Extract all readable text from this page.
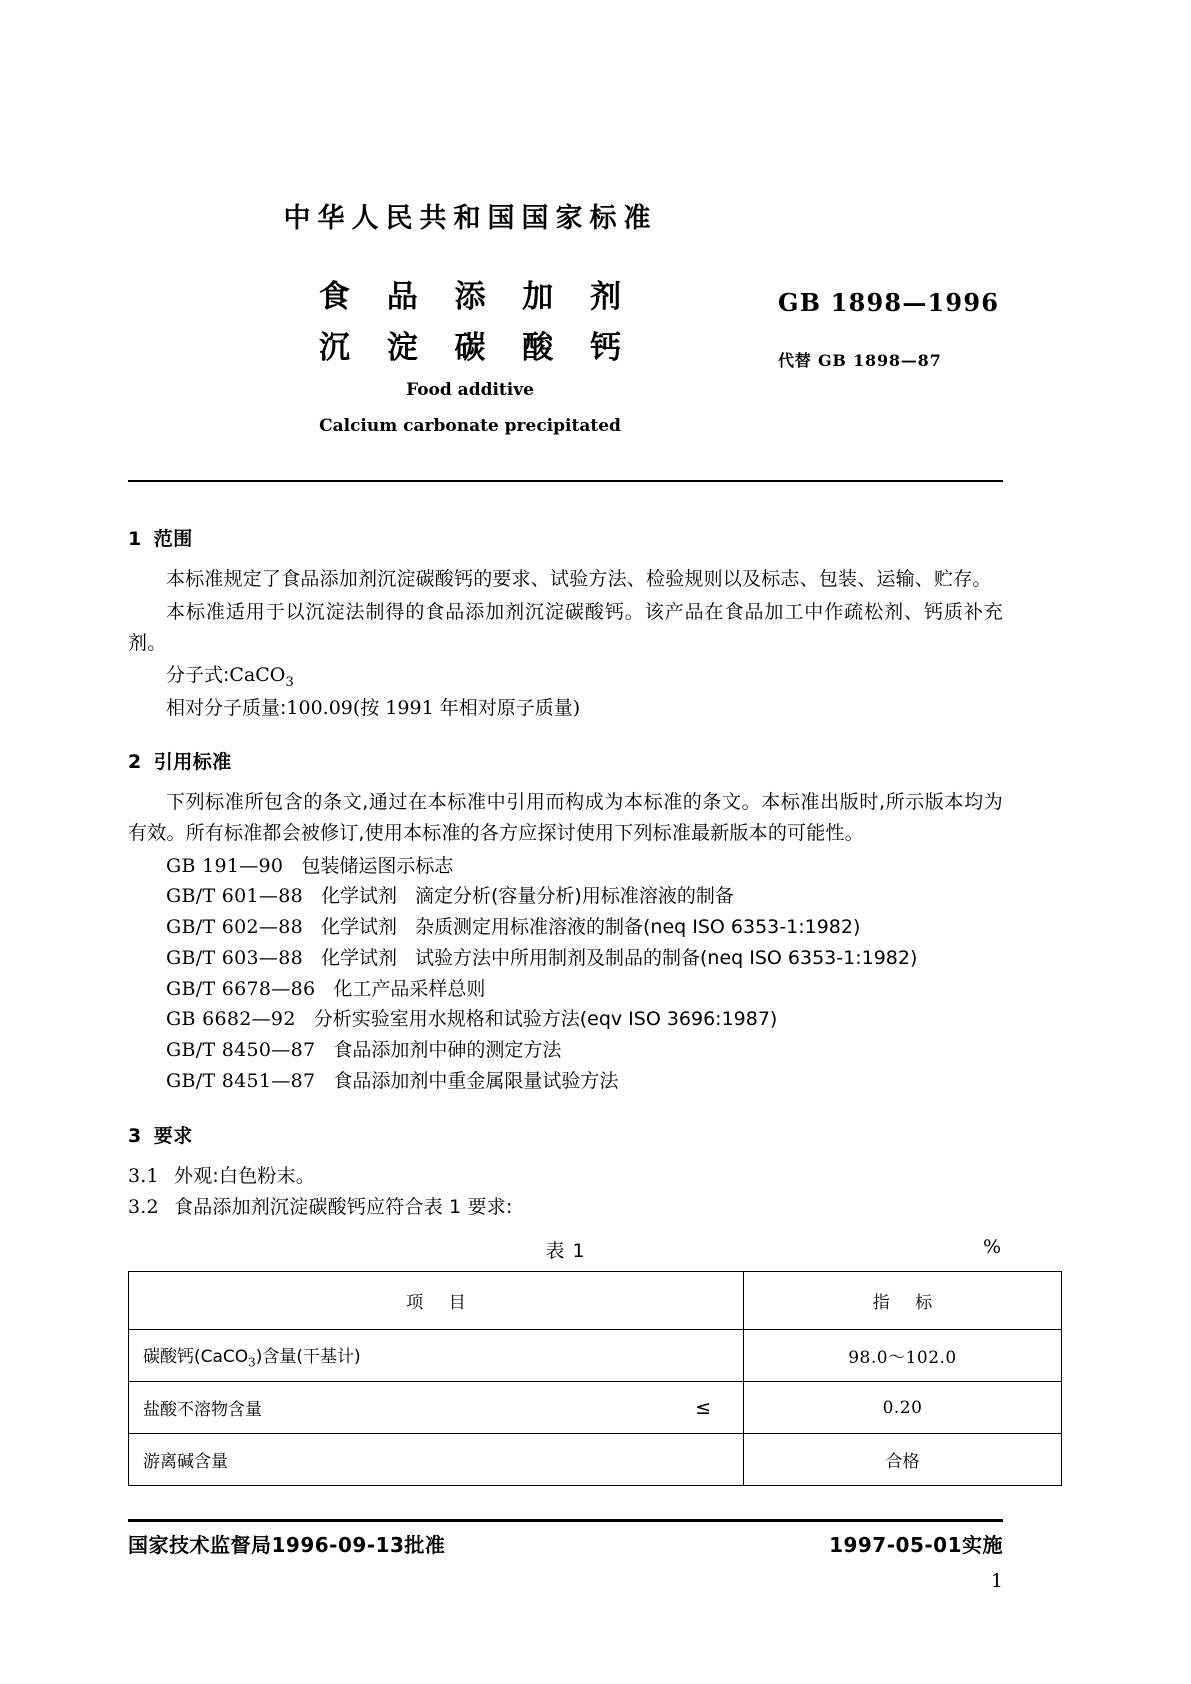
中华人民共和国国家标准
食 品 添 加 剂
沉 淀 碳 酸 钙
Food additive
Calcium carbonate precipitated
GB 1898—1996
代替 GB 1898—87
1 范围

本标准规定了食品添加剂沉淀碳酸钙的要求、试验方法、检验规则以及标志、包装、运输、贮存。

本标准适用于以沉淀法制得的食品添加剂沉淀碳酸钙。该产品在食品加工中作疏松剂、钙质补充剂。

分子式:CaCO$_3$

相对分子质量:100.09(按 1991 年相对原子质量)

2 引用标准

下列标准所包含的条文,通过在本标准中引用而构成为本标准的条文。本标准出版时,所示版本均为有效。所有标准都会被修订,使用本标准的各方应探讨使用下列标准最新版本的可能性。

GB 191—90 包装储运图示标志

GB/T 601—88 化学试剂 滴定分析(容量分析)用标准溶液的制备

GB/T 602—88 化学试剂 杂质测定用标准溶液的制备(neq ISO 6353-1:1982)

GB/T 603—88 化学试剂 试验方法中所用制剂及制品的制备(neq ISO 6353-1:1982)

GB/T 6678—86 化工产品采样总则

GB 6682—92 分析实验室用水规格和试验方法(eqv ISO 3696:1987)

GB/T 8450—87 食品添加剂中砷的测定方法

GB/T 8451—87 食品添加剂中重金属限量试验方法

3 要求

3.1 外观:白色粉末。

3.2 食品添加剂沉淀碳酸钙应符合表 1 要求:

表 1	%
项 目	指 标
碳酸钙(CaCO$_3$)含量(干基计)	98.0～102.0
盐酸不溶物含量 ≤	0.20
游离碱含量	合格
国家技术监督局1996-09-13批准	1997-05-01实施
1
